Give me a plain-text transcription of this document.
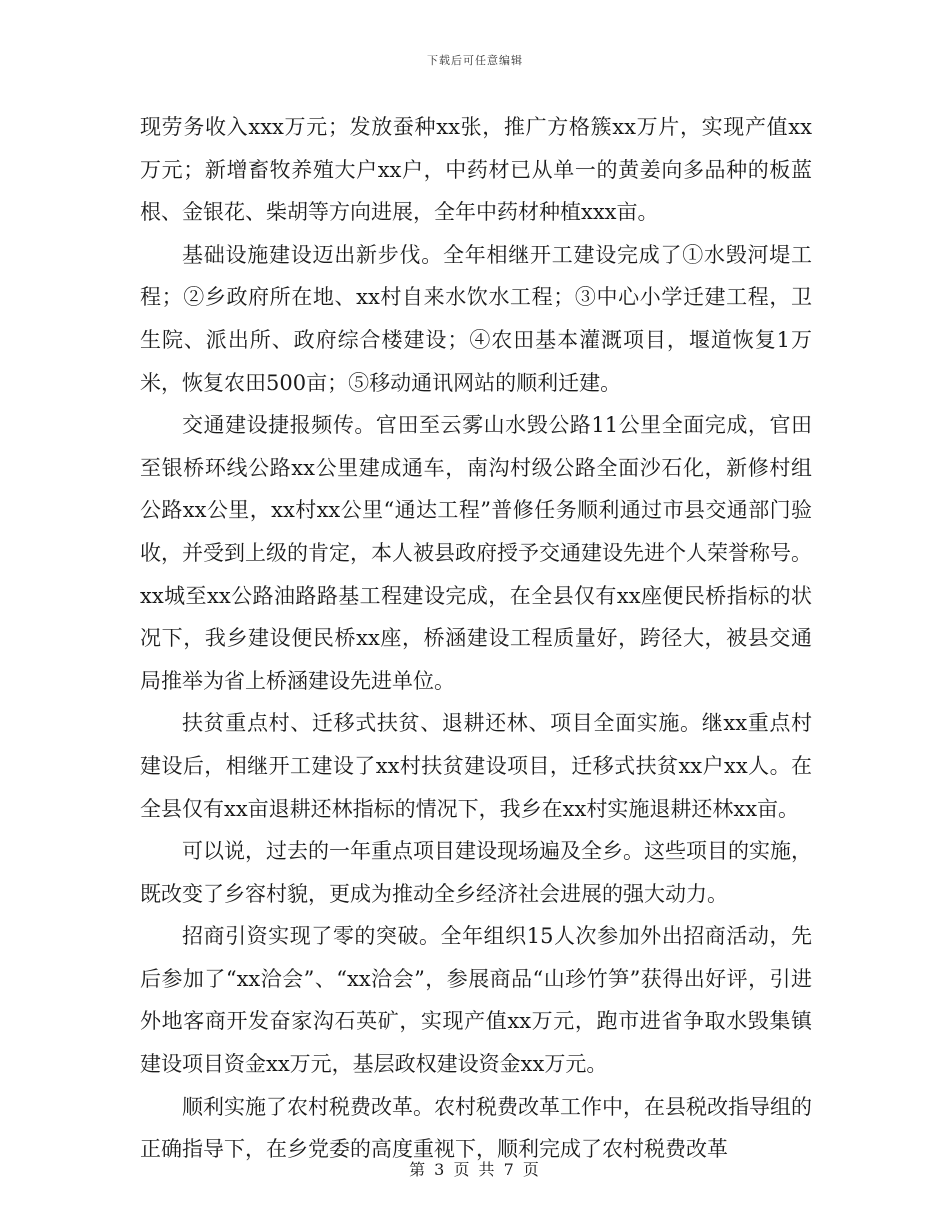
下载后可任意编辑

现劳务收入xxx万元；发放蚕种xx张，推广方格簇xx万片，实现产值xx万元；新增畜牧养殖大户xx户，中药材已从单一的黄姜向多品种的板蓝根、金银花、柴胡等方向进展，全年中药材种植xxx亩。

基础设施建设迈出新步伐。全年相继开工建设完成了①水毁河堤工程；②乡政府所在地、xx村自来水饮水工程；③中心小学迁建工程，卫生院、派出所、政府综合楼建设；④农田基本灌溉项目，堰道恢复1万米，恢复农田500亩；⑤移动通讯网站的顺利迁建。

交通建设捷报频传。官田至云雾山水毁公路11公里全面完成，官田至银桥环线公路xx公里建成通车，南沟村级公路全面沙石化，新修村组公路xx公里，xx村xx公里“通达工程”普修任务顺利通过市县交通部门验收，并受到上级的肯定，本人被县政府授予交通建设先进个人荣誉称号。xx城至xx公路油路路基工程建设完成，在全县仅有xx座便民桥指标的状况下，我乡建设便民桥xx座，桥涵建设工程质量好，跨径大，被县交通局推举为省上桥涵建设先进单位。

扶贫重点村、迁移式扶贫、退耕还林、项目全面实施。继xx重点村建设后，相继开工建设了xx村扶贫建设项目，迁移式扶贫xx户xx人。在全县仅有xx亩退耕还林指标的情况下，我乡在xx村实施退耕还林xx亩。

可以说，过去的一年重点项目建设现场遍及全乡。这些项目的实施，既改变了乡容村貌，更成为推动全乡经济社会进展的强大动力。

招商引资实现了零的突破。全年组织15人次参加外出招商活动，先后参加了“xx洽会”、“xx洽会”，参展商品“山珍竹笋”获得出好评，引进外地客商开发奋家沟石英矿，实现产值xx万元，跑市进省争取水毁集镇建设项目资金xx万元，基层政权建设资金xx万元。

顺利实施了农村税费改革。农村税费改革工作中，在县税改指导组的正确指导下，在乡党委的高度重视下，顺利完成了农村税费改革

第 3 页 共 7 页
